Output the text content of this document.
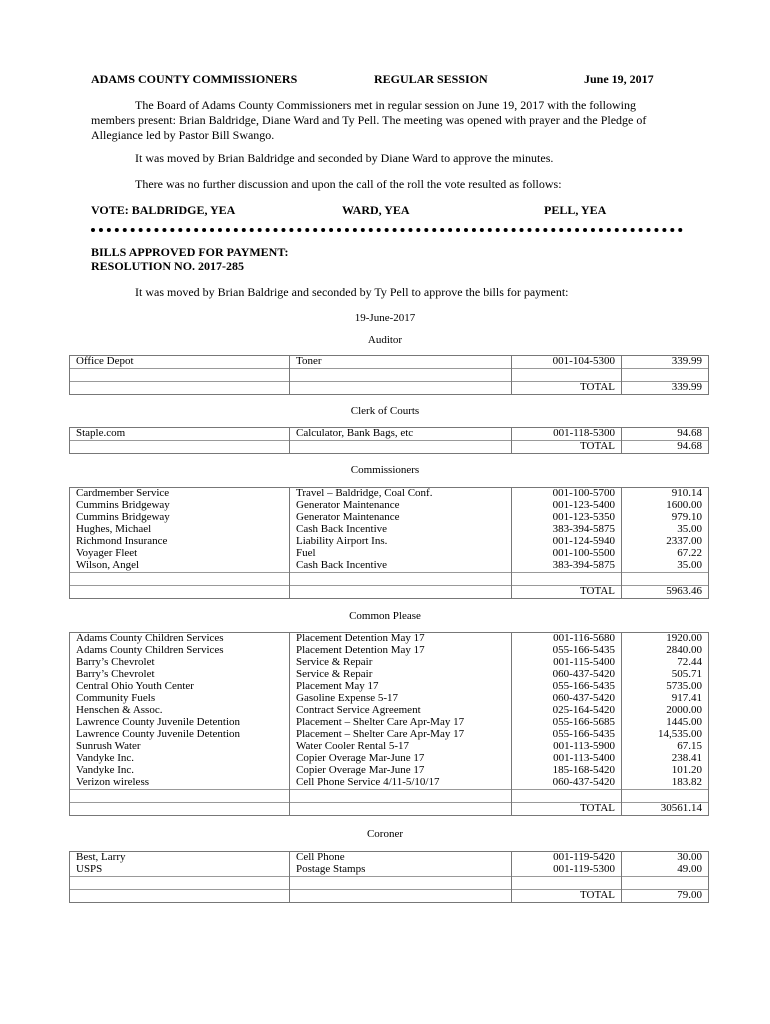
ADAMS COUNTY COMMISSIONERS	REGULAR SESSION	June 19, 2017
The Board of Adams County Commissioners met in regular session on June 19, 2017 with the following members present: Brian Baldridge, Diane Ward and Ty Pell. The meeting was opened with prayer and the Pledge of Allegiance led by Pastor Bill Swango.
It was moved by Brian Baldridge and seconded by Diane Ward to approve the minutes.
There was no further discussion and upon the call of the roll the vote resulted as follows:
VOTE: BALDRIDGE, YEA	WARD, YEA	PELL, YEA
BILLS APPROVED FOR PAYMENT:
RESOLUTION NO. 2017-285
It was moved by Brian Baldrige and seconded by Ty Pell to approve the bills for payment:
19-June-2017
Auditor
Office Depot	Toner	001-104-5300	339.99

		TOTAL	339.99
Clerk of Courts
Staple.com	Calculator, Bank Bags, etc	001-118-5300	94.68
		TOTAL	94.68
Commissioners
Cardmember Service	Travel – Baldridge, Coal Conf.	001-100-5700	910.14
Cummins Bridgeway	Generator Maintenance	001-123-5400	1600.00
Cummins Bridgeway	Generator Maintenance	001-123-5350	979.10
Hughes, Michael	Cash Back Incentive	383-394-5875	35.00
Richmond Insurance	Liability Airport Ins.	001-124-5940	2337.00
Voyager Fleet	Fuel	001-100-5500	67.22
Wilson, Angel	Cash Back Incentive	383-394-5875	35.00

		TOTAL	5963.46
Common Please
Adams County Children Services	Placement Detention May 17	001-116-5680	1920.00
Adams County Children Services	Placement Detention May 17	055-166-5435	2840.00
Barry’s Chevrolet	Service & Repair	001-115-5400	72.44
Barry’s Chevrolet	Service & Repair	060-437-5420	505.71
Central Ohio Youth Center	Placement May 17	055-166-5435	5735.00
Community Fuels	Gasoline Expense 5-17	060-437-5420	917.41
Henschen & Assoc.	Contract Service Agreement	025-164-5420	2000.00
Lawrence County Juvenile Detention	Placement – Shelter Care Apr-May 17	055-166-5685	1445.00
Lawrence County Juvenile Detention	Placement – Shelter Care Apr-May 17	055-166-5435	14,535.00
Sunrush Water	Water Cooler Rental 5-17	001-113-5900	67.15
Vandyke Inc.	Copier Overage Mar-June 17	001-113-5400	238.41
Vandyke Inc.	Copier Overage Mar-June 17	185-168-5420	101.20
Verizon wireless	Cell Phone Service 4/11-5/10/17	060-437-5420	183.82

		TOTAL	30561.14
Coroner
Best, Larry	Cell Phone	001-119-5420	30.00
USPS	Postage Stamps	001-119-5300	49.00

		TOTAL	79.00
